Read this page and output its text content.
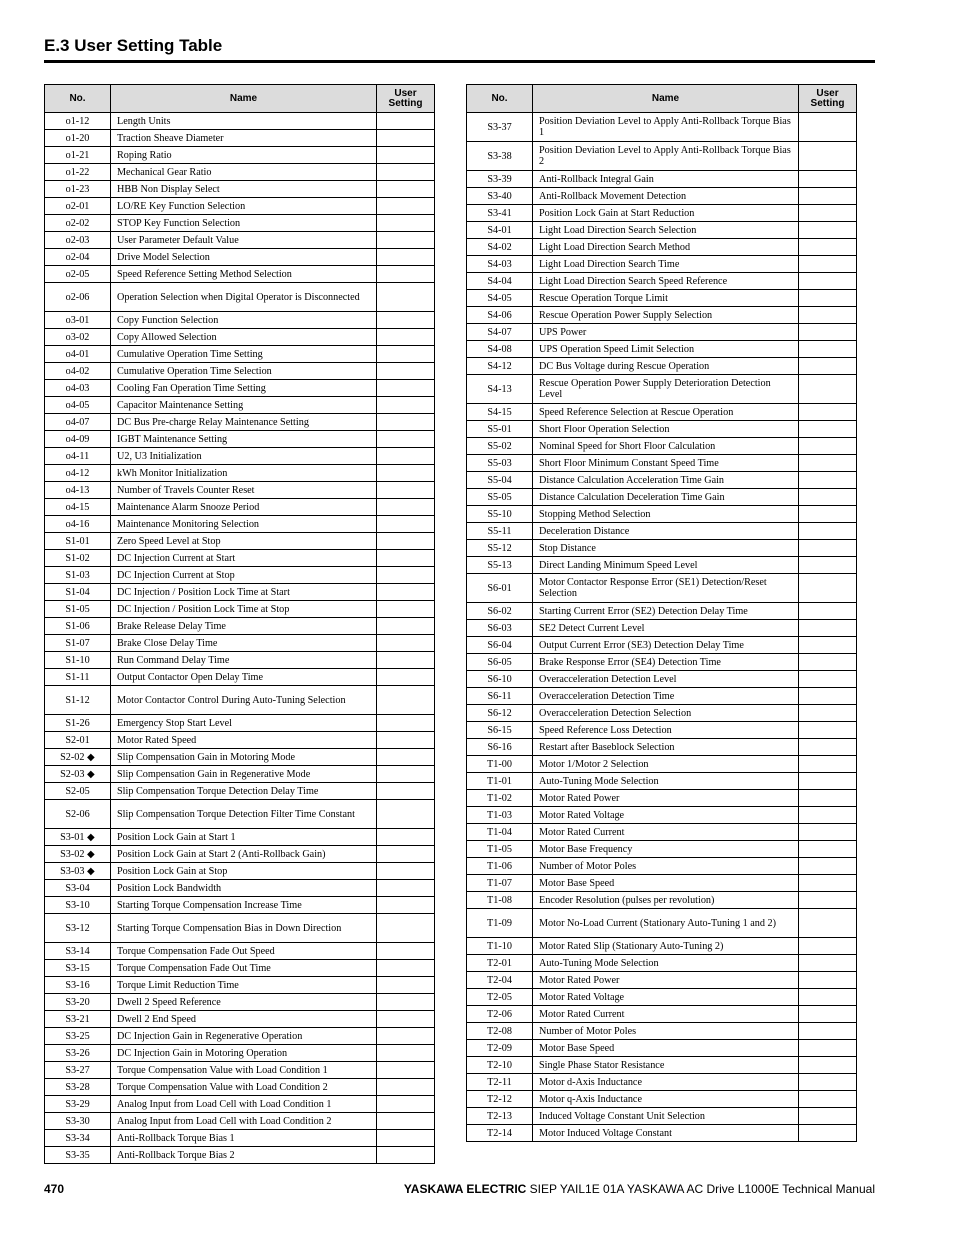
E.3 User Setting Table
No.	Name	User
Setting
o1-12	Length Units	
o1-20	Traction Sheave Diameter	
o1-21	Roping Ratio	
o1-22	Mechanical Gear Ratio	
o1-23	HBB Non Display Select	
o2-01	LO/RE Key Function Selection	
o2-02	STOP Key Function Selection	
o2-03	User Parameter Default Value	
o2-04	Drive Model Selection	
o2-05	Speed Reference Setting Method Selection	
o2-06	Operation Selection when Digital Operator is Disconnected	
o3-01	Copy Function Selection	
o3-02	Copy Allowed Selection	
o4-01	Cumulative Operation Time Setting	
o4-02	Cumulative Operation Time Selection	
o4-03	Cooling Fan Operation Time Setting	
o4-05	Capacitor Maintenance Setting	
o4-07	DC Bus Pre-charge Relay Maintenance Setting	
o4-09	IGBT Maintenance Setting	
o4-11	U2, U3 Initialization	
o4-12	kWh Monitor Initialization	
o4-13	Number of Travels Counter Reset	
o4-15	Maintenance Alarm Snooze Period	
o4-16	Maintenance Monitoring Selection	
S1-01	Zero Speed Level at Stop	
S1-02	DC Injection Current at Start	
S1-03	DC Injection Current at Stop	
S1-04	DC Injection / Position Lock Time at Start	
S1-05	DC Injection / Position Lock Time at Stop	
S1-06	Brake Release Delay Time	
S1-07	Brake Close Delay Time	
S1-10	Run Command Delay Time	
S1-11	Output Contactor Open Delay Time	
S1-12	Motor Contactor Control During Auto-Tuning Selection	
S1-26	Emergency Stop Start Level	
S2-01	Motor Rated Speed	
S2-02 ◆	Slip Compensation Gain in Motoring Mode	
S2-03 ◆	Slip Compensation Gain in Regenerative Mode	
S2-05	Slip Compensation Torque Detection Delay Time	
S2-06	Slip Compensation Torque Detection Filter Time Constant	
S3-01 ◆	Position Lock Gain at Start 1	
S3-02 ◆	Position Lock Gain at Start 2 (Anti-Rollback Gain)	
S3-03 ◆	Position Lock Gain at Stop	
S3-04	Position Lock Bandwidth	
S3-10	Starting Torque Compensation Increase Time	
S3-12	Starting Torque Compensation Bias in Down Direction	
S3-14	Torque Compensation Fade Out Speed	
S3-15	Torque Compensation Fade Out Time	
S3-16	Torque Limit Reduction Time	
S3-20	Dwell 2 Speed Reference	
S3-21	Dwell 2 End Speed	
S3-25	DC Injection Gain in Regenerative Operation	
S3-26	DC Injection Gain in Motoring Operation	
S3-27	Torque Compensation Value with Load Condition 1	
S3-28	Torque Compensation Value with Load Condition 2	
S3-29	Analog Input from Load Cell with Load Condition 1	
S3-30	Analog Input from Load Cell with Load Condition 2	
S3-34	Anti-Rollback Torque Bias 1	
S3-35	Anti-Rollback Torque Bias 2	
No.	Name	User
Setting
S3-37	Position Deviation Level to Apply Anti-Rollback Torque Bias 1	
S3-38	Position Deviation Level to Apply Anti-Rollback Torque Bias 2	
S3-39	Anti-Rollback Integral Gain	
S3-40	Anti-Rollback Movement Detection	
S3-41	Position Lock Gain at Start Reduction	
S4-01	Light Load Direction Search Selection	
S4-02	Light Load Direction Search Method	
S4-03	Light Load Direction Search Time	
S4-04	Light Load Direction Search Speed Reference	
S4-05	Rescue Operation Torque Limit	
S4-06	Rescue Operation Power Supply Selection	
S4-07	UPS Power	
S4-08	UPS Operation Speed Limit Selection	
S4-12	DC Bus Voltage during Rescue Operation	
S4-13	Rescue Operation Power Supply Deterioration Detection Level	
S4-15	Speed Reference Selection at Rescue Operation	
S5-01	Short Floor Operation Selection	
S5-02	Nominal Speed for Short Floor Calculation	
S5-03	Short Floor Minimum Constant Speed Time	
S5-04	Distance Calculation Acceleration Time Gain	
S5-05	Distance Calculation Deceleration Time Gain	
S5-10	Stopping Method Selection	
S5-11	Deceleration Distance	
S5-12	Stop Distance	
S5-13	Direct Landing Minimum Speed Level	
S6-01	Motor Contactor Response Error (SE1) Detection/Reset Selection	
S6-02	Starting Current Error (SE2) Detection Delay Time	
S6-03	SE2 Detect Current Level	
S6-04	Output Current Error (SE3) Detection Delay Time	
S6-05	Brake Response Error (SE4) Detection Time	
S6-10	Overacceleration Detection Level	
S6-11	Overacceleration Detection Time	
S6-12	Overacceleration Detection Selection	
S6-15	Speed Reference Loss Detection	
S6-16	Restart after Baseblock Selection	
T1-00	Motor 1/Motor 2 Selection	
T1-01	Auto-Tuning Mode Selection	
T1-02	Motor Rated Power	
T1-03	Motor Rated Voltage	
T1-04	Motor Rated Current	
T1-05	Motor Base Frequency	
T1-06	Number of Motor Poles	
T1-07	Motor Base Speed	
T1-08	Encoder Resolution (pulses per revolution)	
T1-09	Motor No-Load Current (Stationary Auto-Tuning 1 and 2)	
T1-10	Motor Rated Slip (Stationary Auto-Tuning 2)	
T2-01	Auto-Tuning Mode Selection	
T2-04	Motor Rated Power	
T2-05	Motor Rated Voltage	
T2-06	Motor Rated Current	
T2-08	Number of Motor Poles	
T2-09	Motor Base Speed	
T2-10	Single Phase Stator Resistance	
T2-11	Motor d-Axis Inductance	
T2-12	Motor q-Axis Inductance	
T2-13	Induced Voltage Constant Unit Selection	
T2-14	Motor Induced Voltage Constant	
470	YASKAWA ELECTRIC SIEP YAIL1E 01A YASKAWA AC Drive L1000E Technical Manual
